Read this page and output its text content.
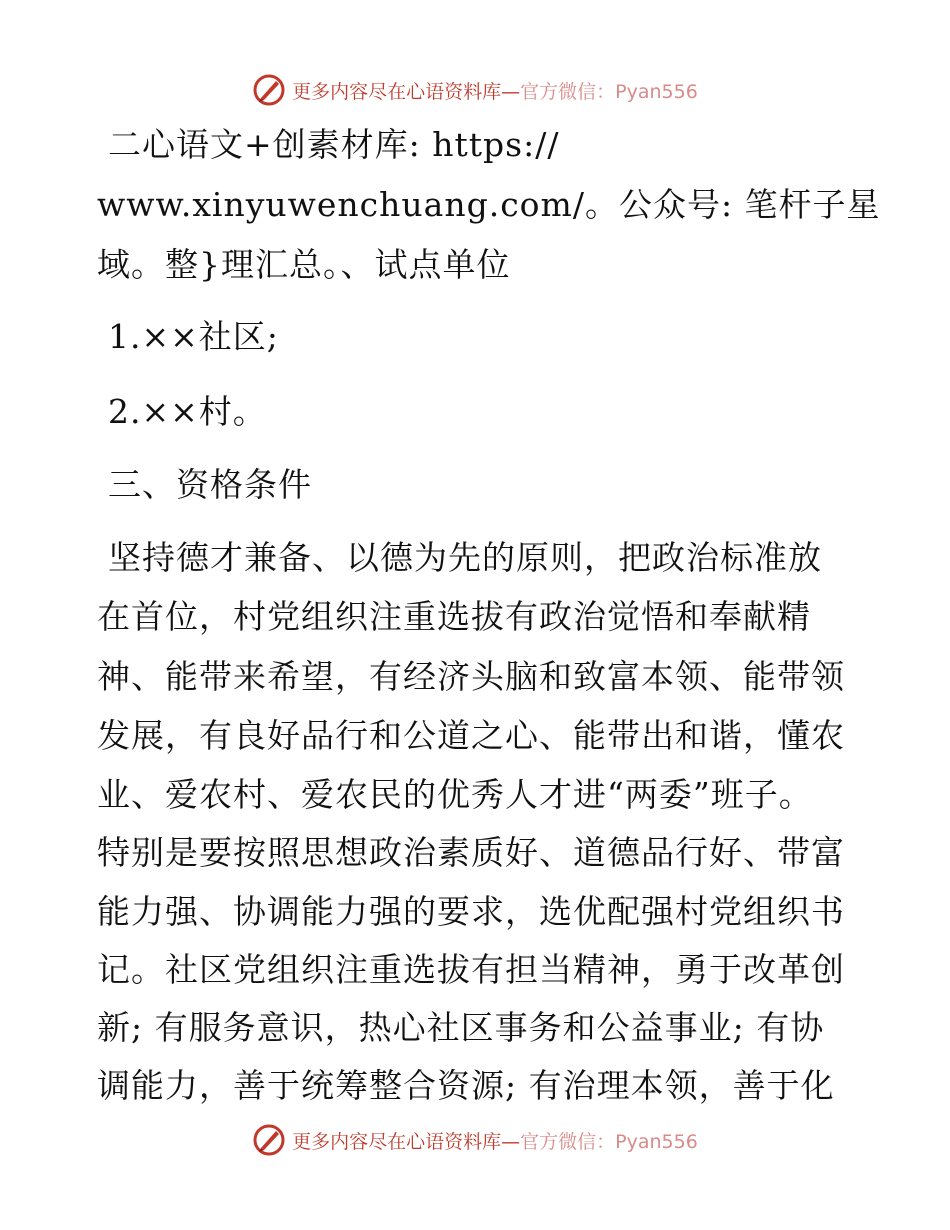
更多内容尽在心语资料库—官方微信：Pyan556
二心语文+创素材库: https://
www.xinyuwenchuang.com/。公众号: 笔杆子星
域。整}理汇总。、试点单位
1.××社区;
2.××村。
三、资格条件
坚持德才兼备、以德为先的原则，把政治标准放
在首位，村党组织注重选拔有政治觉悟和奉献精
神、能带来希望，有经济头脑和致富本领、能带领
发展，有良好品行和公道之心、能带出和谐，懂农
业、爱农村、爱农民的优秀人才进“两委”班子。
特别是要按照思想政治素质好、道德品行好、带富
能力强、协调能力强的要求，选优配强村党组织书
记。社区党组织注重选拔有担当精神，勇于改革创
新; 有服务意识，热心社区事务和公益事业; 有协
调能力，善于统筹整合资源; 有治理本领，善于化
更多内容尽在心语资料库—官方微信：Pyan556
